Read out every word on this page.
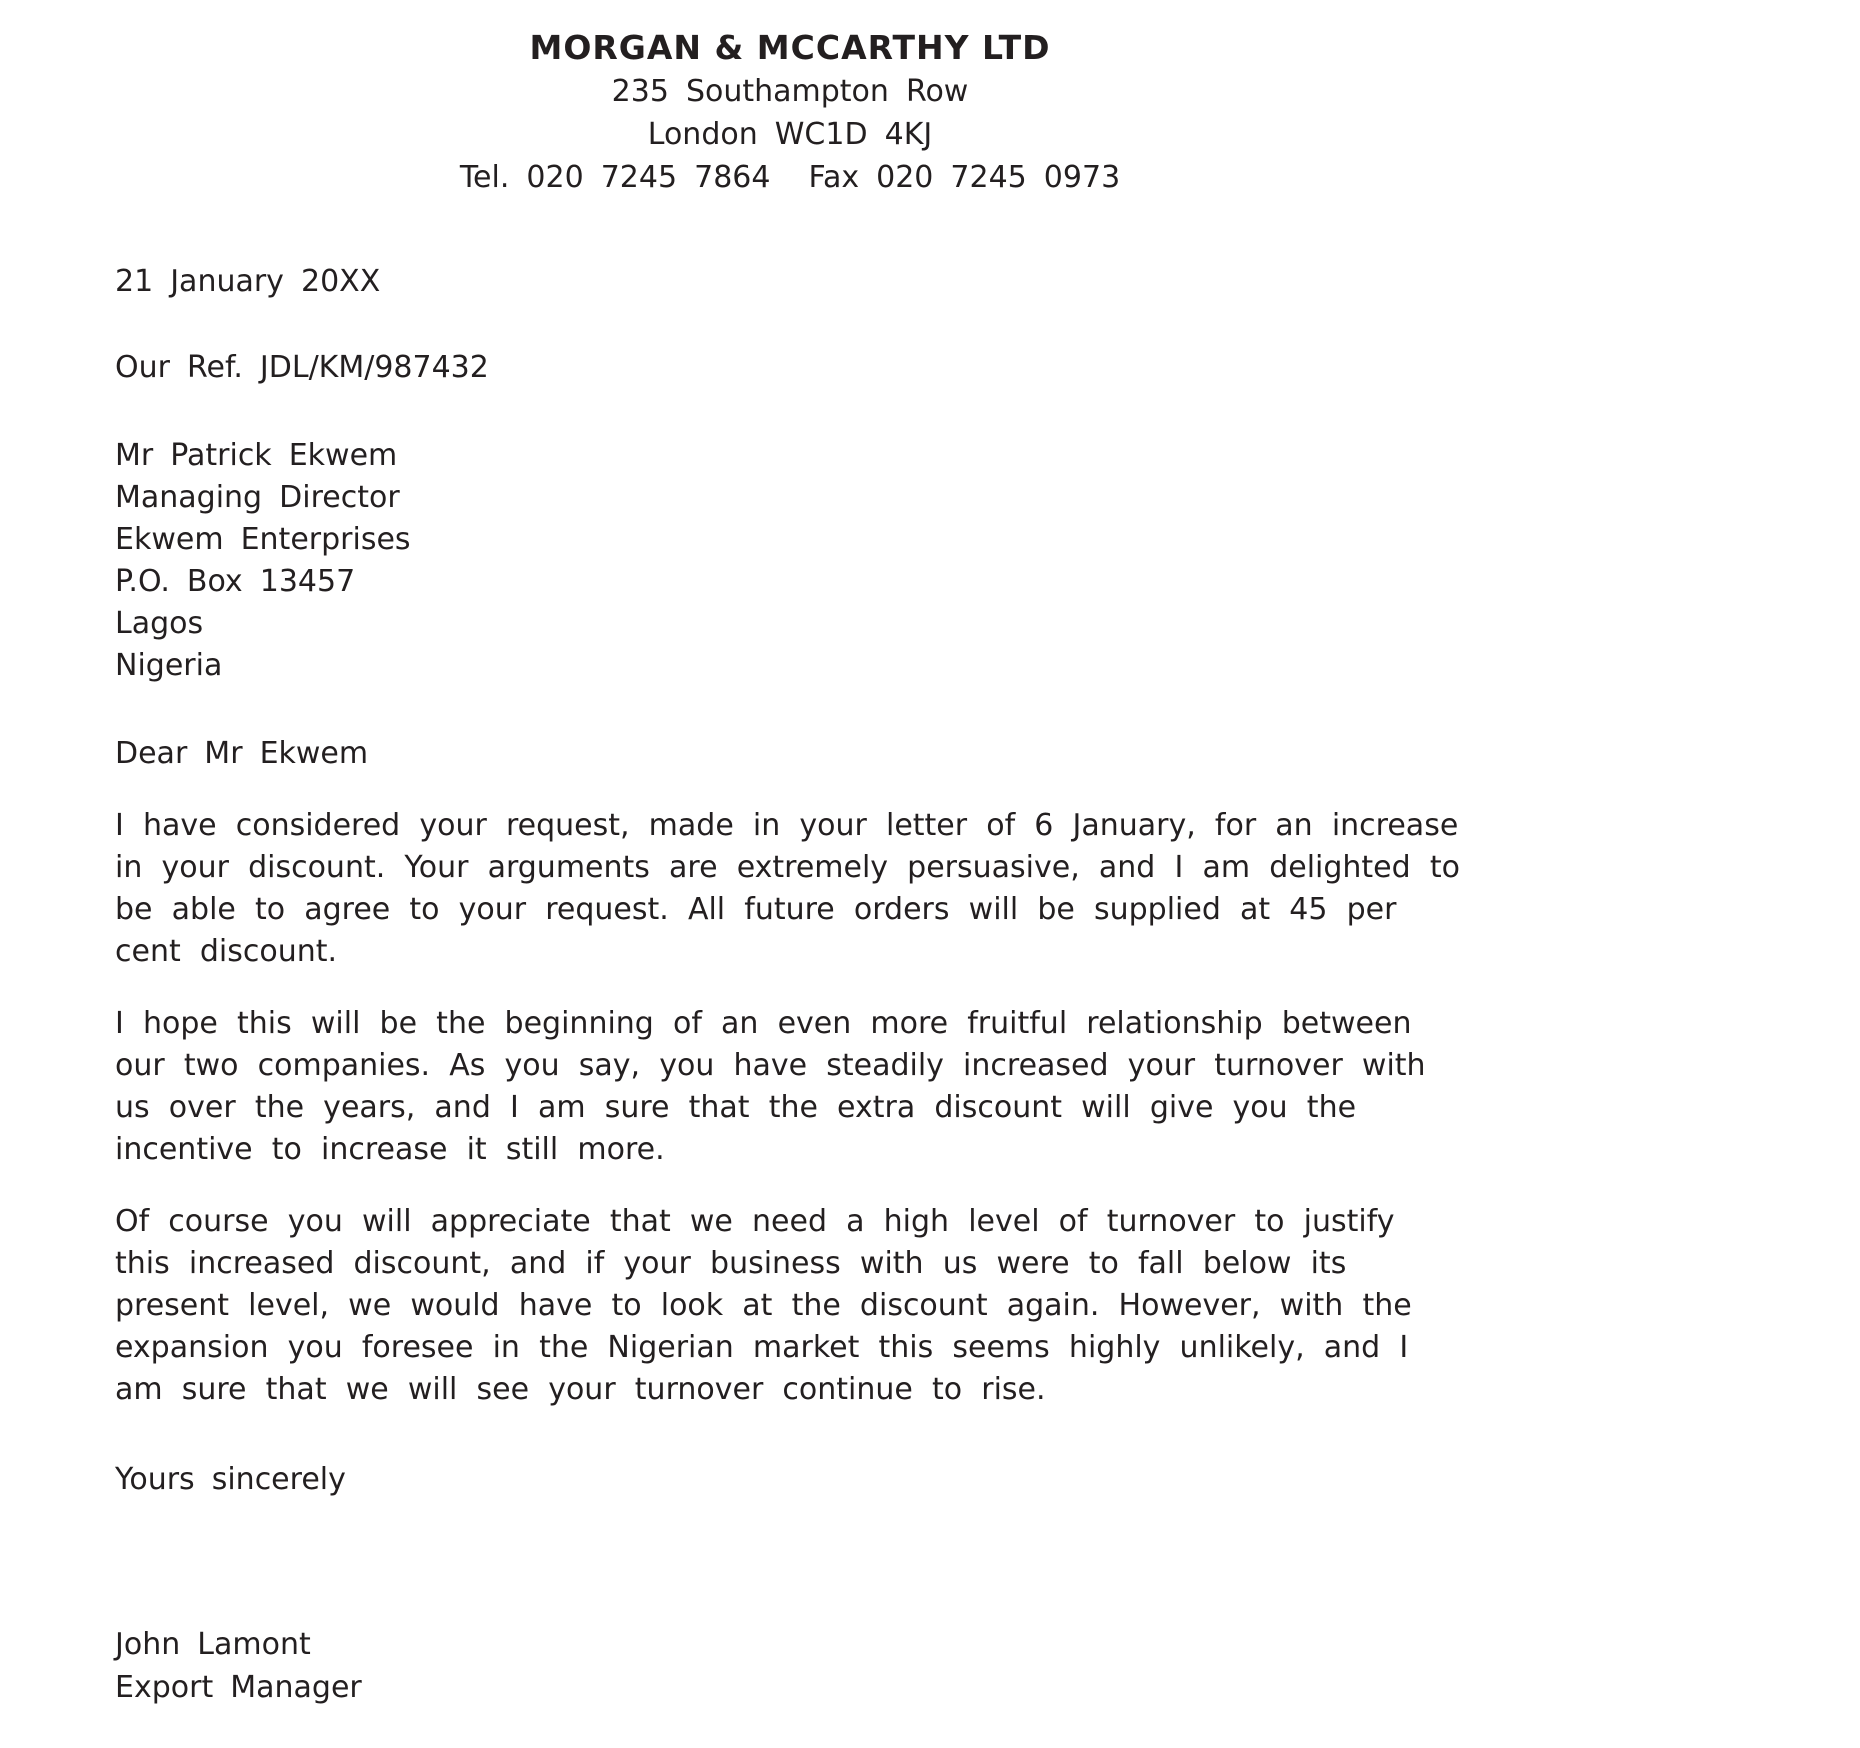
MORGAN & MCCARTHY LTD
235 Southampton Row
London WC1D 4KJ
Tel. 020 7245 7864 Fax 020 7245 0973
21 January 20XX
Our Ref. JDL/KM/987432
Mr Patrick Ekwem
Managing Director
Ekwem Enterprises
P.O. Box 13457
Lagos
Nigeria
Dear Mr Ekwem

I have considered your request, made in your letter of 6 January, for an increase in your discount. Your arguments are extremely persuasive, and I am delighted to be able to agree to your request. All future orders will be supplied at 45 per cent discount.

I hope this will be the beginning of an even more fruitful relationship between our two companies. As you say, you have steadily increased your turnover with us over the years, and I am sure that the extra discount will give you the incentive to increase it still more.

Of course you will appreciate that we need a high level of turnover to justify this increased discount, and if your business with us were to fall below its present level, we would have to look at the discount again. However, with the expansion you foresee in the Nigerian market this seems highly unlikely, and I am sure that we will see your turnover continue to rise.

Yours sincerely
John Lamont
Export Manager
